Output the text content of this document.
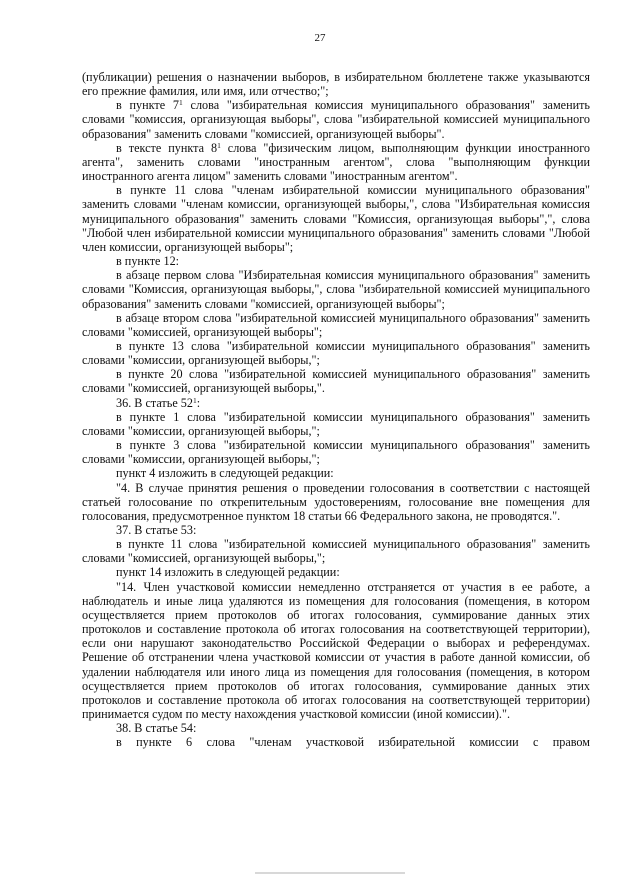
27

(публикации) решения о назначении выборов, в избирательном бюллетене также указываются его прежние фамилия, или имя, или отчество;";

в пункте $7^1$ слова "избирательная комиссия муниципального образования" заменить словами "комиссия, организующая выборы", слова "избирательной комиссией муниципального образования" заменить словами "комиссией, организующей выборы".

в тексте пункта $8^1$ слова "физическим лицом, выполняющим функции иностранного агента", заменить словами "иностранным агентом", слова "выполняющим функции иностранного агента лицом" заменить словами "иностранным агентом".

в пункте 11 слова "членам избирательной комиссии муниципального образования" заменить словами "членам комиссии, организующей выборы,", слова "Избирательная комиссия муниципального образования" заменить словами "Комиссия, организующая выборы",", слова "Любой член избирательной комиссии муниципального образования" заменить словами "Любой член комиссии, организующей выборы";

в пункте 12:

в абзаце первом слова "Избирательная комиссия муниципального образования" заменить словами "Комиссия, организующая выборы,", слова "избирательной комиссией муниципального образования" заменить словами "комиссией, организующей выборы";

в абзаце втором слова "избирательной комиссией муниципального образования" заменить словами "комиссией, организующей выборы";

в пункте 13 слова "избирательной комиссии муниципального образования" заменить словами "комиссии, организующей выборы,";

в пункте 20 слова "избирательной комиссией муниципального образования" заменить словами "комиссией, организующей выборы,".

36. В статье $52^1$:

в пункте 1 слова "избирательной комиссии муниципального образования" заменить словами "комиссии, организующей выборы,";

в пункте 3 слова "избирательной комиссии муниципального образования" заменить словами "комиссии, организующей выборы,";

пункт 4 изложить в следующей редакции:

"4. В случае принятия решения о проведении голосования в соответствии с настоящей статьей голосование по открепительным удостоверениям, голосование вне помещения для голосования, предусмотренное пунктом 18 статьи 66 Федерального закона, не проводятся.".

37. В статье 53:

в пункте 11 слова "избирательной комиссией муниципального образования" заменить словами "комиссией, организующей выборы,";

пункт 14 изложить в следующей редакции:

"14. Член участковой комиссии немедленно отстраняется от участия в ее работе, а наблюдатель и иные лица удаляются из помещения для голосования (помещения, в котором осуществляется прием протоколов об итогах голосования, суммирование данных этих протоколов и составление протокола об итогах голосования на соответствующей территории), если они нарушают законодательство Российской Федерации о выборах и референдумах. Решение об отстранении члена участковой комиссии от участия в работе данной комиссии, об удалении наблюдателя или иного лица из помещения для голосования (помещения, в котором осуществляется прием протоколов об итогах голосования, суммирование данных этих протоколов и составление протокола об итогах голосования на соответствующей территории) принимается судом по месту нахождения участковой комиссии (иной комиссии).".

38. В статье 54:

в пункте 6 слова "членам участковой избирательной комиссии с правом
